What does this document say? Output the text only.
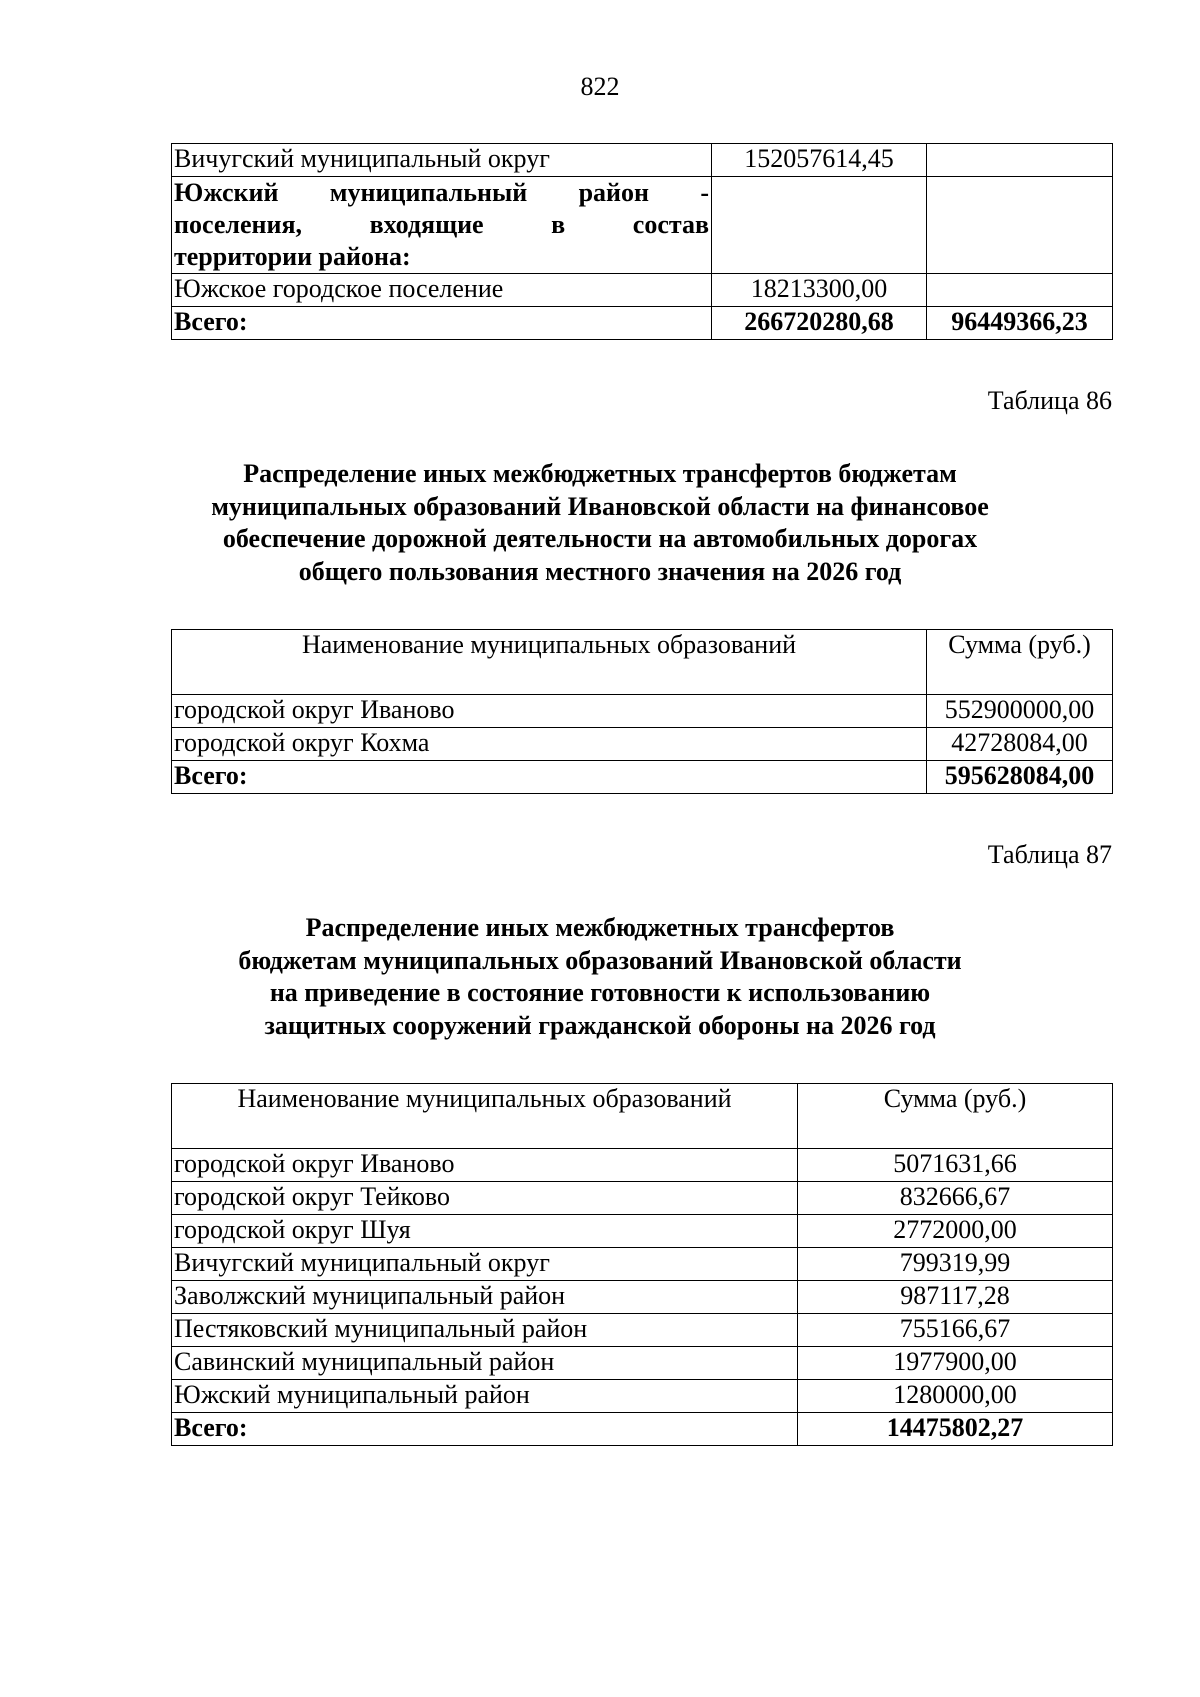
822
Вичугский муниципальный округ	152057614,45	

Южский муниципальный район -
поселения, входящие в состав
территории района:		

Южское городское поселение	18213300,00	
Всего:	266720280,68	96449366,23
Таблица 86
Распределение иных межбюджетных трансфертов бюджетам
муниципальных образований Ивановской области на финансовое
обеспечение дорожной деятельности на автомобильных дорогах
общего пользования местного значения на 2026 год
Наименование муниципальных образований	Сумма (руб.)
городской округ Иваново	552900000,00
городской округ Кохма	42728084,00
Всего:	595628084,00
Таблица 87
Распределение иных межбюджетных трансфертов
бюджетам муниципальных образований Ивановской области
на приведение в состояние готовности к использованию
защитных сооружений гражданской обороны на 2026 год
Наименование муниципальных образований	Сумма (руб.)
городской округ Иваново	5071631,66
городской округ Тейково	832666,67
городской округ Шуя	2772000,00
Вичугский муниципальный округ	799319,99
Заволжский муниципальный район	987117,28
Пестяковский муниципальный район	755166,67
Савинский муниципальный район	1977900,00
Южский муниципальный район	1280000,00
Всего:	14475802,27
